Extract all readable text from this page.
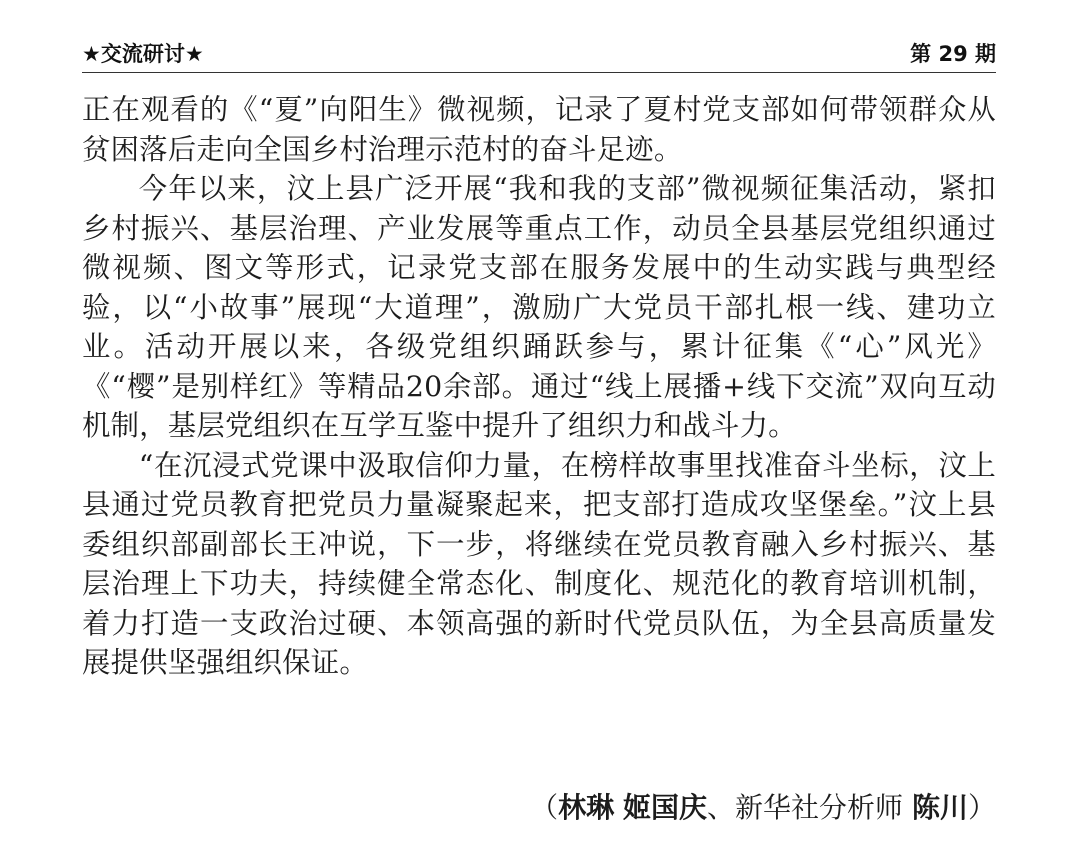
★交流研讨★	第 29 期

正在观看的《“夏”向阳生》微视频，记录了夏村党支部如何带领群众从贫困落后走向全国乡村治理示范村的奋斗足迹。

今年以来，汶上县广泛开展“我和我的支部”微视频征集活动，紧扣乡村振兴、基层治理、产业发展等重点工作，动员全县基层党组织通过微视频、图文等形式，记录党支部在服务发展中的生动实践与典型经验，以“小故事”展现“大道理”，激励广大党员干部扎根一线、建功立业。活动开展以来，各级党组织踊跃参与，累计征集《“心”风光》《“樱”是别样红》等精品20余部。通过“线上展播+线下交流”双向互动机制，基层党组织在互学互鉴中提升了组织力和战斗力。

“在沉浸式党课中汲取信仰力量，在榜样故事里找准奋斗坐标，汶上县通过党员教育把党员力量凝聚起来，把支部打造成攻坚堡垒。”汶上县委组织部副部长王冲说，下一步，将继续在党员教育融入乡村振兴、基层治理上下功夫，持续健全常态化、制度化、规范化的教育培训机制，着力打造一支政治过硬、本领高强的新时代党员队伍，为全县高质量发展提供坚强组织保证。

（林琳 姬国庆、新华社分析师 陈川）
